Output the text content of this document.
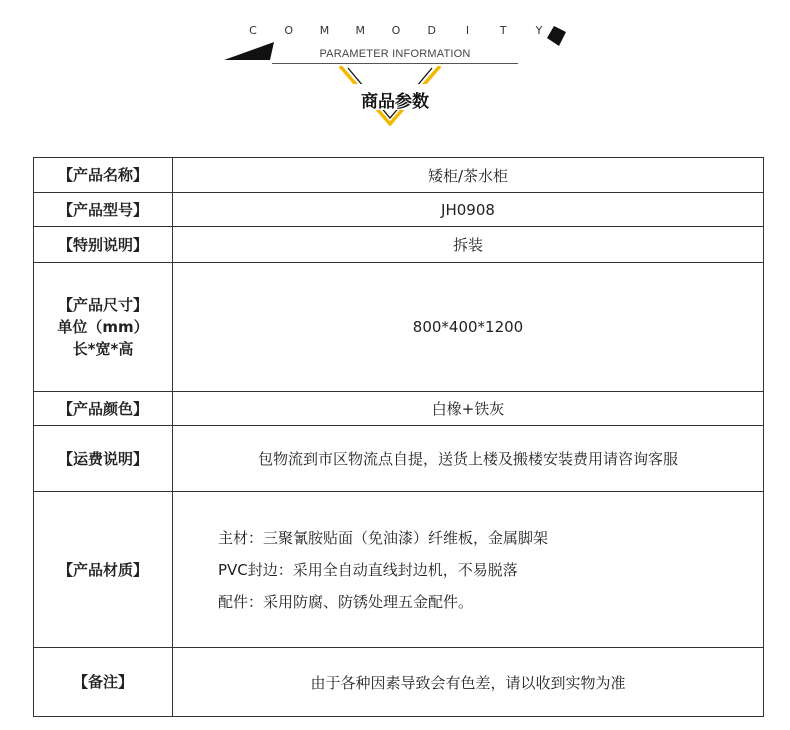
C	O M M O D	I	T	Y
PARAMETER INFORMATION
商品参数
【产品名称】	矮柜/茶水柜
【产品型号】	JH0908
【特别说明】	拆装

【产品尺寸】
单位（mm）
长*宽*高	800*400*1200
【产品颜色】	白橡+铁灰
【运费说明】	包物流到市区物流点自提，送货上楼及搬楼安装费用请咨询客服
【产品材质】	主材：三聚氰胺贴面（免油漆）纤维板，金属脚架
PVC封边：采用全自动直线封边机，不易脱落
配件：采用防腐、防锈处理五金配件。

【备注】	由于各种因素导致会有色差，请以收到实物为准
